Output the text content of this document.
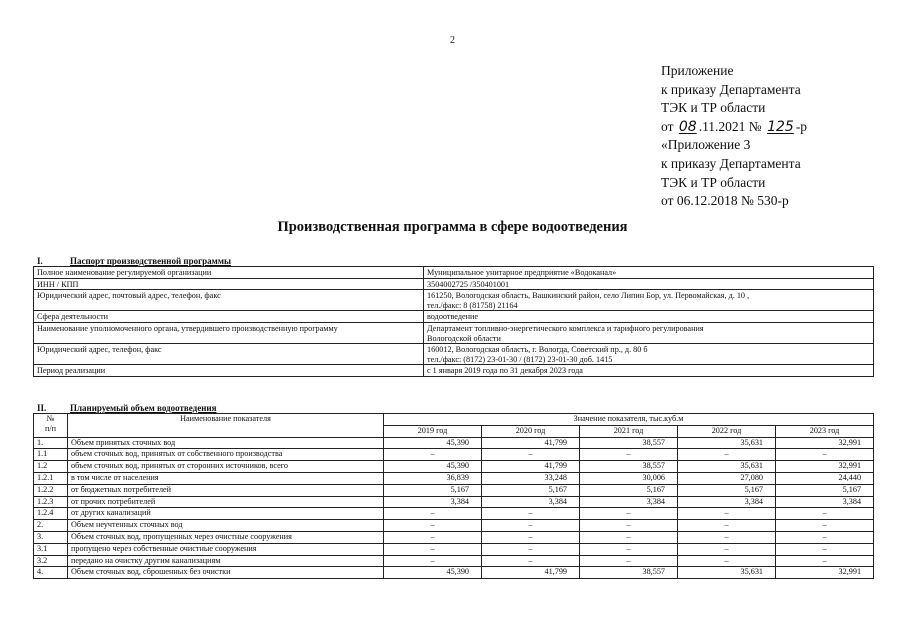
2
Приложение
к приказу Департамента
ТЭК и ТР области
от 08 .11.2021 № 125 -р
«Приложение 3
к приказу Департамента
ТЭК и ТР области
от 06.12.2018 № 530-р
Производственная программа в сфере водоотведения
I.	Паспорт производственной программы
Полное наименование регулируемой организации	Муниципальное унитарное предприятие «Водоканал»

ИНН / КПП	3504002725 /350401001

Юридический адрес, почтовый адрес, телефон, факс	161250, Вологодская область, Вашкинский район, село Липин Бор, ул. Первомайская, д. 10 ,
тел./факс: 8 (81758) 21164

Сфера деятельности	водоотведение

Наименование уполномоченного органа, утвердившего производственную программу	Департамент топливно-энергетического комплекса и тарифного регулирования
Вологодской области

Юридический адрес, телефон, факс	160012, Вологодская область, г. Вологда, Советский пр., д. 80 б
тел./факс: (8172) 23-01-30 / (8172) 23-01-30 доб. 1415

Период реализации	с 1 января 2019 года по 31 декабря 2023 года
II.	Планируемый объем водоотведения
№
п/п	Наименование показателя	Значение показателя, тыс.куб.м				
		2019 год	2020 год	2021 год	2022 год	2023 год
1.	Объем принятых сточных вод	45,390	41,799	38,557	35,631	32,991
1.1	объем сточных вод, принятых от собственного производства	–	–	–	–	–
1.2	объем сточных вод, принятых от сторонних источников, всего	45,390	41,799	38,557	35,631	32,991
1.2.1	в том числе от населения	36,839	33,248	30,006	27,080	24,440
1.2.2	от бюджетных потребителей	5,167	5,167	5,167	5,167	5,167
1.2.3	от прочих потребителей	3,384	3,384	3,384	3,384	3,384
1.2.4	от других канализаций	–	–	–	–	–
2.	Объем неучтенных сточных вод	–	–	–	–	–
3.	Объем сточных вод, пропущенных через очистные сооружения	–	–	–	–	–
3.1	пропущено через собственные очистные сооружения	–	–	–	–	–
3.2	передано на очистку другим канализациям	–	–	–	–	–
4.	Объем сточных вод, сброшенных без очистки	45,390	41,799	38,557	35,631	32,991
